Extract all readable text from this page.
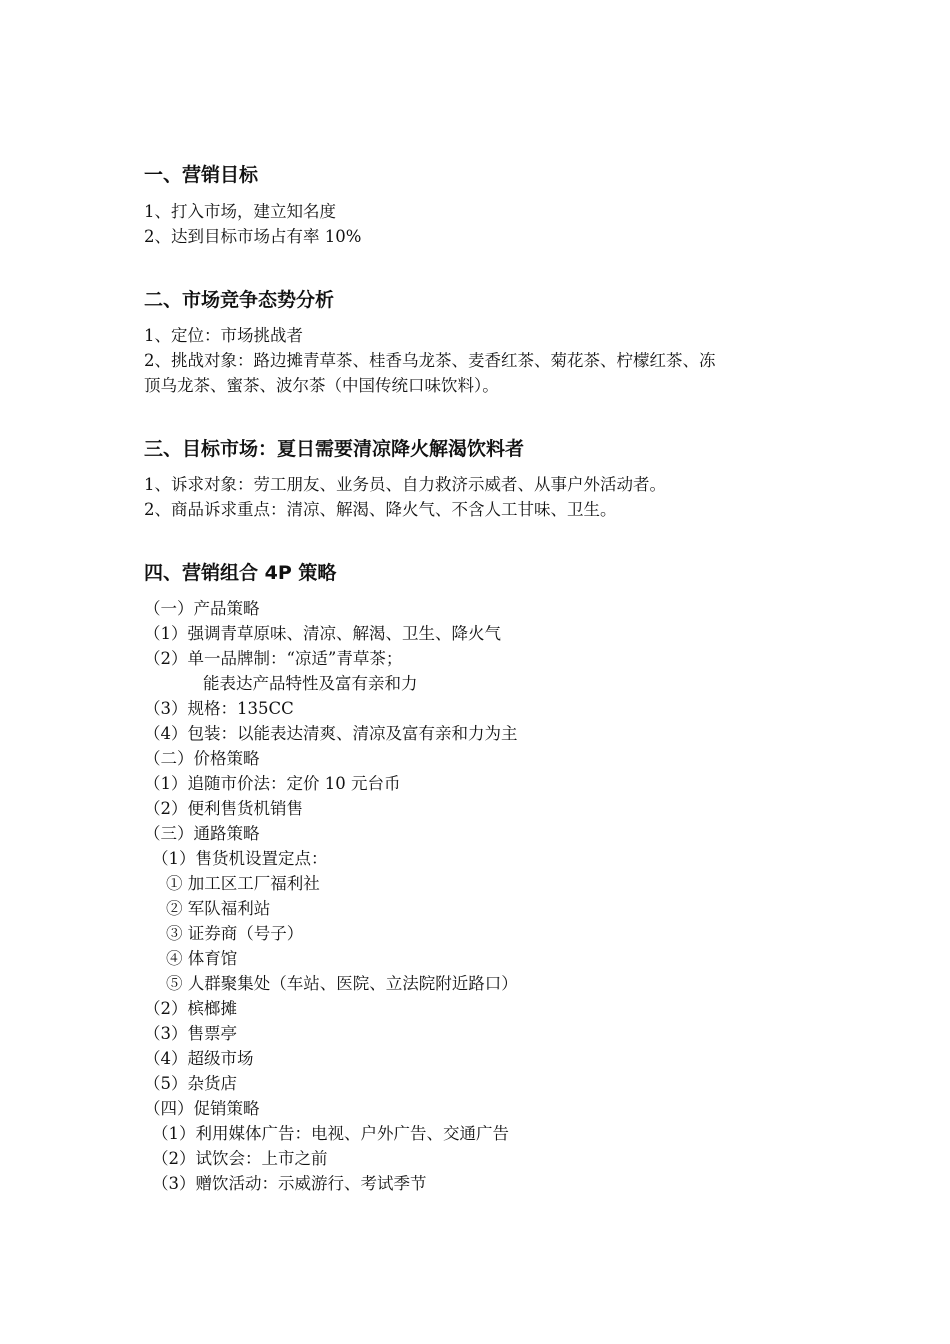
一、营销目标
1、打入市场，建立知名度
2、达到目标市场占有率 10%
二、市场竞争态势分析
1、定位：市场挑战者
2、挑战对象：路边摊青草茶、桂香乌龙茶、麦香红茶、菊花茶、柠檬红茶、冻
顶乌龙茶、蜜茶、波尔茶（中国传统口味饮料）。
三、目标市场：夏日需要清凉降火解渴饮料者
1、诉求对象：劳工朋友、业务员、自力救济示威者、从事户外活动者。
2、商品诉求重点：清凉、解渴、降火气、不含人工甘味、卫生。
四、营销组合 4P 策略
（一）产品策略
（1）强调青草原味、清凉、解渴、卫生、降火气
（2）单一品牌制：“凉适”青草茶；
能表达产品特性及富有亲和力
（3）规格：135CC
（4）包装：以能表达清爽、清凉及富有亲和力为主
（二）价格策略
（1）追随市价法：定价 10 元台币
（2）便利售货机销售
（三）通路策略
（1）售货机设置定点：
① 加工区工厂福利社
② 军队福利站
③ 证券商（号子）
④ 体育馆
⑤ 人群聚集处（车站、医院、立法院附近路口）
（2）槟榔摊
（3）售票亭
（4）超级市场
（5）杂货店
（四）促销策略
（1）利用媒体广告：电视、户外广告、交通广告
（2）试饮会：上市之前
（3）赠饮活动：示威游行、考试季节
